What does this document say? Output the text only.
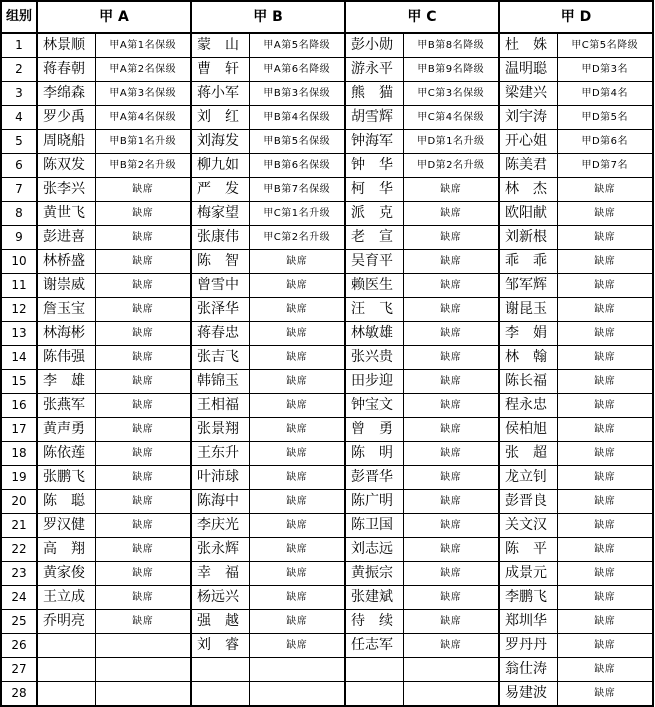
组别	甲 A		甲 B		甲 C		甲 D	
1	林景顺	甲A第1名保级	蒙　山	甲A第5名降级	彭小勋	甲B第8名降级	杜　姝	甲C第5名降级
2	蒋春朝	甲A第2名保级	曹　轩	甲A第6名降级	游永平	甲B第9名降级	温明聪	甲D第3名
3	李绵森	甲A第3名保级	蒋小军	甲B第3名保级	熊　猫	甲C第3名保级	梁建兴	甲D第4名
4	罗少禹	甲A第4名保级	刘　红	甲B第4名保级	胡雪辉	甲C第4名保级	刘宇涛	甲D第5名
5	周晓船	甲B第1名升级	刘海发	甲B第5名保级	钟海军	甲D第1名升级	开心姐	甲D第6名
6	陈双发	甲B第2名升级	柳九如	甲B第6名保级	钟　华	甲D第2名升级	陈美君	甲D第7名
7	张李兴	缺席	严　发	甲B第7名保级	柯　华	缺席	林　杰	缺席
8	黄世飞	缺席	梅家望	甲C第1名升级	派　克	缺席	欧阳献	缺席
9	彭进喜	缺席	张康伟	甲C第2名升级	老　宣	缺席	刘新根	缺席
10	林桥盛	缺席	陈　智	缺席	吴育平	缺席	乖　乖	缺席
11	谢崇威	缺席	曾雪中	缺席	赖医生	缺席	邹军辉	缺席
12	詹玉宝	缺席	张泽华	缺席	汪　飞	缺席	谢昆玉	缺席
13	林海彬	缺席	蒋春忠	缺席	林敏雄	缺席	李　娟	缺席
14	陈伟强	缺席	张吉飞	缺席	张兴贵	缺席	林　翰	缺席
15	李　雄	缺席	韩锦玉	缺席	田步迎	缺席	陈长福	缺席
16	张燕军	缺席	王相福	缺席	钟宝文	缺席	程永忠	缺席
17	黄声勇	缺席	张景翔	缺席	曾　勇	缺席	侯柏旭	缺席
18	陈依莲	缺席	王东升	缺席	陈　明	缺席	张　超	缺席
19	张鹏飞	缺席	叶沛球	缺席	彭晋华	缺席	龙立钊	缺席
20	陈　聪	缺席	陈海中	缺席	陈广明	缺席	彭晋良	缺席
21	罗汉健	缺席	李庆光	缺席	陈卫国	缺席	关文汉	缺席
22	高　翔	缺席	张永辉	缺席	刘志远	缺席	陈　平	缺席
23	黄家俊	缺席	幸　福	缺席	黄振宗	缺席	成景元	缺席
24	王立成	缺席	杨远兴	缺席	张建斌	缺席	李鹏飞	缺席
25	乔明亮	缺席	强　越	缺席	待　续	缺席	郑圳华	缺席
26			刘　睿	缺席	任志军	缺席	罗丹丹	缺席
27							翁仕涛	缺席
28							易建波	缺席
